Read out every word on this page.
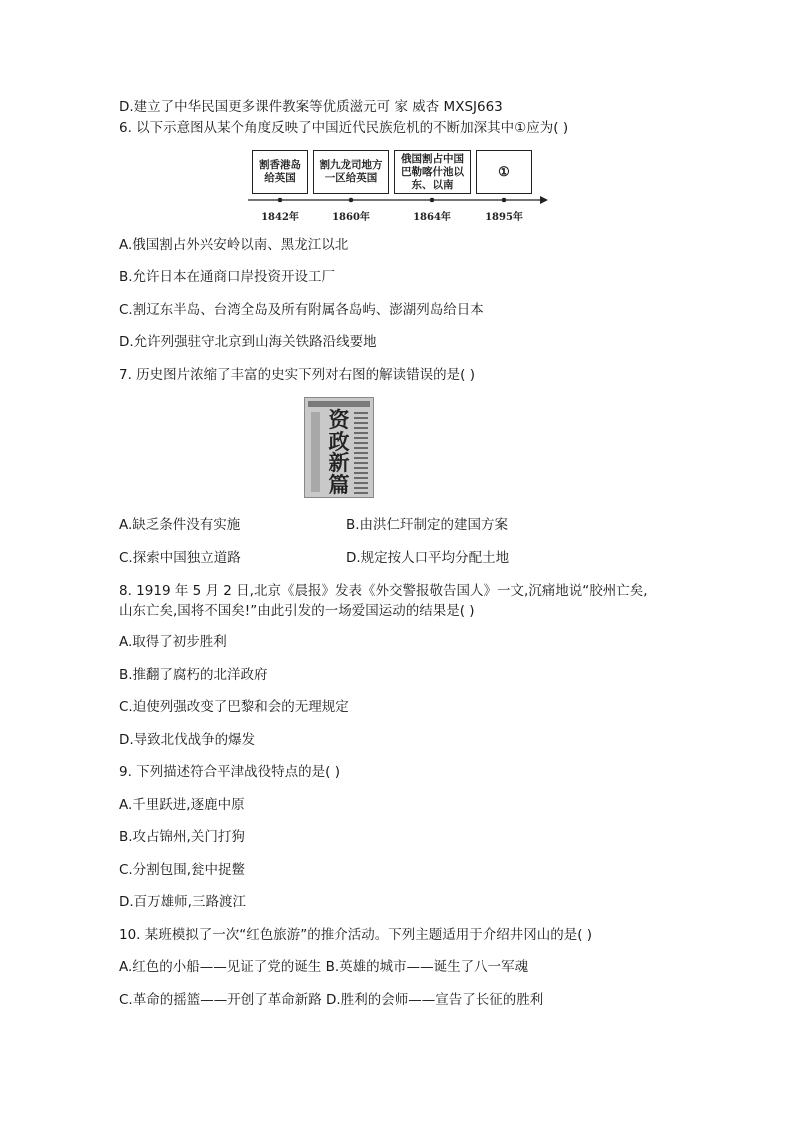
D.建立了中华民国更多课件教案等优质滋元可 家 威杏 MXSJ663
6. 以下示意图从某个角度反映了中国近代民族危机的不断加深其中①应为( )
割香港岛给英国
割九龙司地方一区给英国
俄国割占中国巴勒喀什池以东、以南
①
1842年	1860年	1864年	1895年
A.俄国割占外兴安岭以南、黑龙江以北
B.允许日本在通商口岸投资开设工厂
C.割辽东半岛、台湾全岛及所有附属各岛屿、澎湖列岛给日本
D.允许列强驻守北京到山海关铁路沿线要地
7. 历史图片浓缩了丰富的史实下列对右图的解读错误的是( )
资政新篇
A.缺乏条件没有实施	B.由洪仁玕制定的建国方案
C.探索中国独立道路	D.规定按人口平均分配土地
8. 1919 年 5 月 2 日,北京《晨报》发表《外交警报敬告国人》一文,沉痛地说“胶州亡矣,
山东亡矣,国将不国矣!”由此引发的一场爱国运动的结果是( )
A.取得了初步胜利
B.推翻了腐朽的北洋政府
C.迫使列强改变了巴黎和会的无理规定
D.导致北伐战争的爆发
9. 下列描述符合平津战役特点的是( )
A.千里跃进,逐鹿中原
B.攻占锦州,关门打狗
C.分割包围,瓮中捉鳖
D.百万雄师,三路渡江
10. 某班模拟了一次“红色旅游”的推介活动。下列主题适用于介绍井冈山的是( )
A.红色的小船——见证了党的诞生 B.英雄的城市——诞生了八一军魂
C.革命的摇篮——开创了革命新路 D.胜利的会师——宣告了长征的胜利
